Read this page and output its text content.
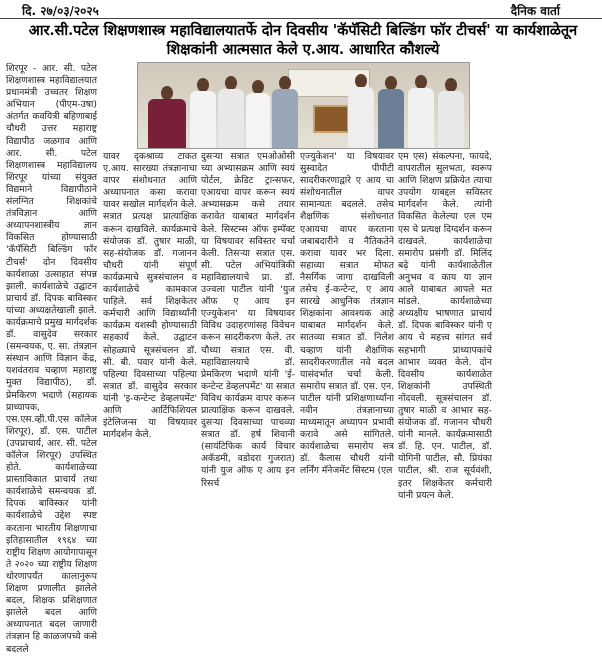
दि. २७/०३/२०२५	दैनिक वार्ता
आर.सी.पटेल शिक्षणशास्त्र महाविद्यालयातर्फे दोन दिवसीय 'कॅपॅसिटी बिल्डिंग फॉर टीचर्स' या कार्यशाळेतून शिक्षकांनी आत्मसात केले ए.आय. आधारित कौशल्ये
शिरपूर - आर. सी. पटेल शिक्षणशास्त्र महाविद्यालयात प्रधानमंत्री उच्चतर शिक्षण अभियान (पीएम-उषा) अंतर्गत कवयित्री बहिणाबाई चौधरी उत्तर महाराष्ट्र विद्यापीठ जळगाव आणि आर. सी. पटेल शिक्षणशास्त्र महाविद्यालय शिरपूर यांच्या संयुक्त विद्यमाने विद्यापीठाने संलग्नित शिक्षकांचे तंत्रविज्ञान आणि अध्यापनशास्त्रीय ज्ञान विकसित होण्यासाठी 'कॅपॅसिटी बिल्डिंग फॉर टीचर्स' दोन दिवसीय कार्यशाळा उत्साहात संपन्न झाली. कार्यशाळेचे उद्घाटन प्राचार्य डॉ. दिपक बाविस्कर यांच्या अध्यक्षतेखाली झाले. कार्यक्रमाचे प्रमुख मार्गदर्शक डॉ. वासुदेव सरकार (समन्वयक, ए. सा. तंत्रज्ञान संस्थान आणि विज्ञान केंद्र, यशवंतराव चव्हाण महाराष्ट्र मुक्त विद्यापीठ), डॉ. प्रेमकिरण भदाणे (सहायक प्राध्यापक, एस.एस.व्ही.पी.एस कॉलेज शिरपूर), डॉ. एस. पाटील (उपप्राचार्य, आर. सी. पटेल कॉलेज शिरपूर) उपस्थित होते. कार्यशाळेच्या प्रास्ताविकात प्राचार्य तथा कार्यशाळेचे समन्वयक डॉ. दिपक बाविस्कर यांनी कार्यशाळेचे उद्देश स्पष्ट करताना भारतीय शिक्षणाचा इतिहासातील १९६४ च्या राष्ट्रीय शिक्षण आयोगापासून ते २०२० च्या राष्ट्रीय शिक्षण धोरणापर्यंत कालानुरूप शिक्षण प्रणालीत झालेले बदल, शिक्षक प्रशिक्षणात झालेले बदल आणि अध्यापनात बदल जाणारी तंत्रज्ञान हि काळजपच्ये कसे बदलले
यावर दृकश्राव्य टाकत ए.आय. सारख्या तंत्रज्ञानाचा वापर संशोधनात आणि अध्यापनात कसा करावा यावर सखोल मार्गदर्शन केले. सत्रात प्रत्यक्ष प्रात्याक्षिक करून दाखविले. कार्यक्रमाचे संयोजक डॉ. तुषार माळी, सह-संयोजक डॉ. गजानन चौधरी यांनी संपूर्ण कार्यक्रमाचे सुत्रसंचालन व कार्यशाळेचे कामकाज पाहिले. सर्व शिक्षकेतर कर्मचारी आणि विद्यार्थ्यांनी कार्यक्रम यशस्वी होण्यासाठी सहकार्य केले. उद्घाटन सोहळ्याचे सूत्रसंचलन डॉ. सी. बी. पवार यांनी केले. पहिल्या दिवसाच्या पहिल्या सत्रात डॉ. वासुदेव सरकार यांनी 'इ-कन्टेन्ट डेव्हलपमेंट' आणि आर्टिफिशियल इंटेलिजन्स या विषयावर मार्गदर्शन केले.
दुसऱ्या सत्रात एमओओसी च्या अभ्यासक्रम आणि स्वयं पोर्टल, क्रेडिट ट्रान्सफर, एआयचा वापर करून स्वयं अभ्यासक्रम कसे तयार करावेत याबाबत मार्गदर्शन केले. सिस्टम्स ऑफ इम्पॅक्ट या विषयावर सविस्तर चर्चा केली. तिसऱ्या सत्रात एस. सी. पटेल अभियांत्रिकी महाविद्यालयाचे प्रा. डॉ. उज्वला पाटील यांनी 'युज ऑफ ए आय इन एज्युकेशन' या विषयावर विविध उदाहरणांसह विवेचन करून सादरीकरण केले. तर चौथ्या सत्रात एस. वी. महाविद्यालयाचे डॉ. प्रेमकिरण भदाणे यांनी 'ई-कन्टेन्ट डेव्हलपमेंट' या सत्रात विविध कार्यक्रम वापर करून प्रात्याक्षिक करून दाखवले. दुसऱ्या दिवसाच्या पाचव्या सत्रात डॉ. हर्ष शिवानी (सायंटिफिक कार्य विचार अकॅडमी, वडोदरा गुजरात) यांनी युज ऑफ ए आय इन रिसर्च
एज्युकेशन' या विषयावर सुस्वादेत पीपीटी सादरीकरणाद्वारे ए आय चा संशोधनातील वापर सामान्यतः बदलले. तसेच शैक्षणिक संशोधनात एआयचा वापर करताना जबाबदारीने व नैतिकतेने करावा यावर भर दिला. सहाव्या सत्रात मोफत नैसर्गिक जागा दाखविली तसेच ई-कन्टेन्ट, ए आय सारखे आधुनिक तंत्रज्ञान शिक्षकांना आवश्यक आहे याबाबत मार्गदर्शन केले. सातव्या सत्रात डॉ. निलेश चव्हाण यांनी शैक्षणिक सादरीकरणातील नवे बदल यासंदर्भात चर्चा केली. समारोप सत्रात डॉ. एस. एन. पाटील यांनी प्रशिक्षणार्थ्यांना नवीन तंत्रज्ञानाच्या माध्यमातून अध्यापन प्रभावी करावे असे सांगितले. कार्यशाळेचा समारोप सत्र डॉ. कैलास चौधरी यांनी लर्निंग मॅनेजमेंट सिस्टम (एल
एम एस) संकल्पना, फायदे, वापरातील सुलभता, स्वरूप आणि शिक्षण प्रक्रियेत त्याचा उपयोग याबद्दल सविस्तर मार्गदर्शन केले. त्यांनी विकसित केलेल्या एल एम एस चे प्रत्यक्ष दिग्दर्शन करून दाखवले. कार्यशाळेचा समारोप प्रसंगी डॉ. मिलिंद बढ़े यांनी कार्यशाळेतील अनुभव व काय या ज्ञान आले याबाबत आपले मत मांडले. कार्यशाळेच्या अध्यक्षीय भाषणात प्राचार्य डॉ. दिपक बाविस्कर यांनी ए आय चे महत्त्व सांगत सर्व सहभागी प्राध्यापकांचे आभार व्यक्त केले. दोन दिवसीय कार्यशाळेत शिक्षकांनी उपस्थिती नोंदवली. सूत्रसंचालन डॉ. तुषार माळी व आभार सह-संयोजक डॉ. गजानन चौधरी यांनी मानले. कार्यक्रमासाठी डॉ. हि. एन. पाटील, डॉ. योगिनी पाटील, सौ. प्रियंका पाटील, श्री. राज सूर्यवंशी, इतर शिक्षकेतर कर्मचारी यांनी प्रयत्न केले.
